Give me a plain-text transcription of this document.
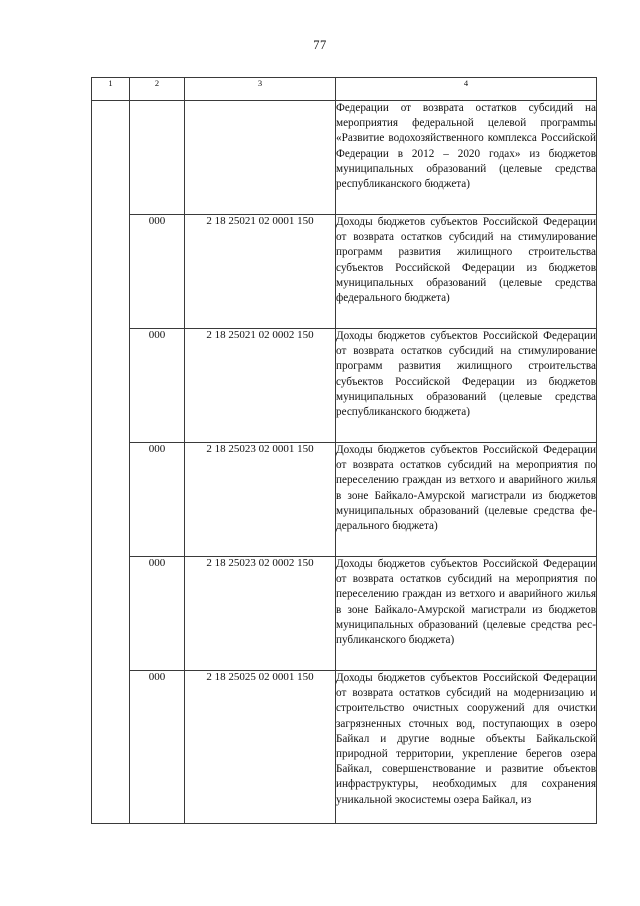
77
1	2	3	4
			Федерации от возврата остатков субсидий на мероприятия федеральной целевой програмmы «Развитие водохозяйственного комплекса Российской Федерации в 2012 – 2020 годах» из бюджетов муниципальных образований (целевые средства республиканского бюджета)
	000	2 18 25021 02 0001 150	Доходы бюджетов субъектов Российской Федерации от возврата остатков субсидий на стимулирование программ развития жилищного строительства субъектов Российской Федерации из бюджетов муниципальных образований (целевые средства федерального бюджета)
	000	2 18 25021 02 0002 150	Доходы бюджетов субъектов Российской Федерации от возврата остатков субсидий на стимулирование программ развития жилищного строительства субъектов Российской Федерации из бюджетов муниципальных образований (целевые средства республиканского бюджета)
	000	2 18 25023 02 0001 150	Доходы бюджетов субъектов Российской Федерации от возврата остатков субсидий на мероприятия по переселению граждан из ветхого и аварийного жилья в зоне Байкало-Амурской магистрали из бюджетов муниципальных образований (целевые средства федерального бюджета)
	000	2 18 25023 02 0002 150	Доходы бюджетов субъектов Российской Федерации от возврата остатков субсидий на мероприятия по переселению граждан из ветхого и аварийного жилья в зоне Байкало-Амурской магистрали из бюджетов муниципальных образований (целевые средства республиканского бюджета)
	000	2 18 25025 02 0001 150	Доходы бюджетов субъектов Российской Федерации от возврата остатков субсидий на модернизацию и строительство очистных сооружений для очистки загрязненных сточных вод, поступающих в озеро Байкал и другие водные объекты Байкальской природной территории, укрепление берегов озера Байкал, совершенствование и развитие объектов инфраструктуры, необходимых для сохранения уникальной экосистемы озера Байкал, из
